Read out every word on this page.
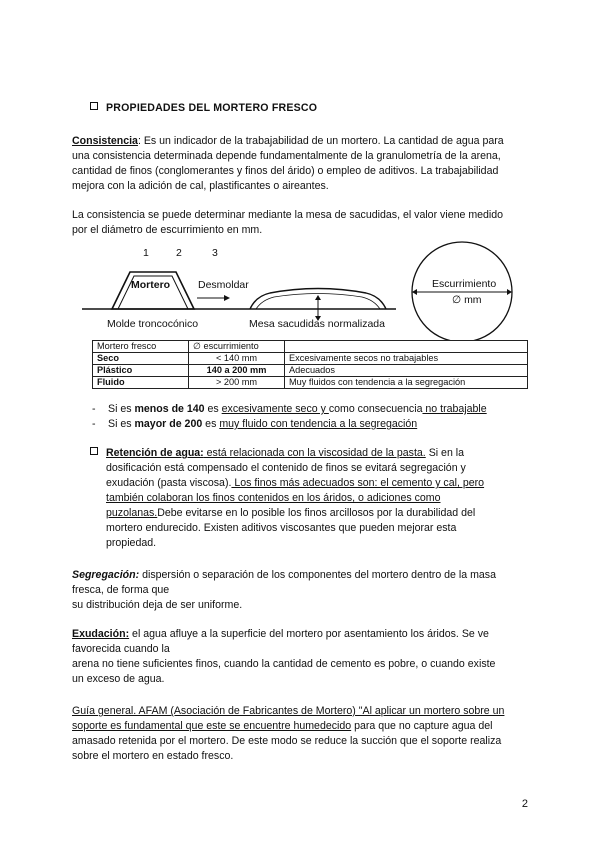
PROPIEDADES DEL MORTERO FRESCO

Consistencia: Es un indicador de la trabajabilidad de un mortero. La cantidad de agua para

una consistencia determinada depende fundamentalmente de la granulometría de la arena,

cantidad de finos (conglomerantes y finos del árido) o empleo de aditivos. La trabajabilidad

mejora con la adición de cal, plastificantes o aireantes.

La consistencia se puede determinar mediante la mesa de sacudidas, el valor viene medido

por el diámetro de escurrimiento en mm.

1	2	3
Mortero	Desmoldar
Molde troncocónico	Mesa sacudidas normalizada
Escurrimiento
∅ mm
Mortero fresco	∅ escurrimiento	
Seco	< 140 mm	Excesivamente secos no trabajables
Plástico	140 a 200 mm	Adecuados
Fluido	> 200 mm	Muy fluidos con tendencia a la segregación

- Si es menos de 140 es excesivamente seco y como consecuencia no trabajable

- Si es mayor de 200 es muy fluido con tendencia a la segregación

Retención de agua: está relacionada con la viscosidad de la pasta. Si en la

dosificación está compensado el contenido de finos se evitará segregación y

exudación (pasta viscosa). Los finos más adecuados son: el cemento y cal, pero

también colaboran los finos contenidos en los áridos, o adiciones como

puzolanas.Debe evitarse en lo posible los finos arcillosos por la durabilidad del

mortero endurecido. Existen aditivos viscosantes que pueden mejorar esta

propiedad.

Segregación: dispersión o separación de los componentes del mortero dentro de la masa

fresca, de forma que

su distribución deja de ser uniforme.

Exudación: el agua aflu‌ye a la superficie del mortero por asentamiento los áridos. Se ve

favorecida cuando la

arena no tiene suficientes finos, cuando la cantidad de cemento es pobre, o cuando existe

un exceso de agua.

Guía general. AFAM (Asociación de Fabricantes de Mortero) "Al aplicar un mortero sobre un

soporte es fundamental que este se encuentre humedecido para que no capture agua del

amasado retenida por el mortero. De este modo se reduce la succión que el soporte realiza

sobre el mortero en estado fresco.

2
